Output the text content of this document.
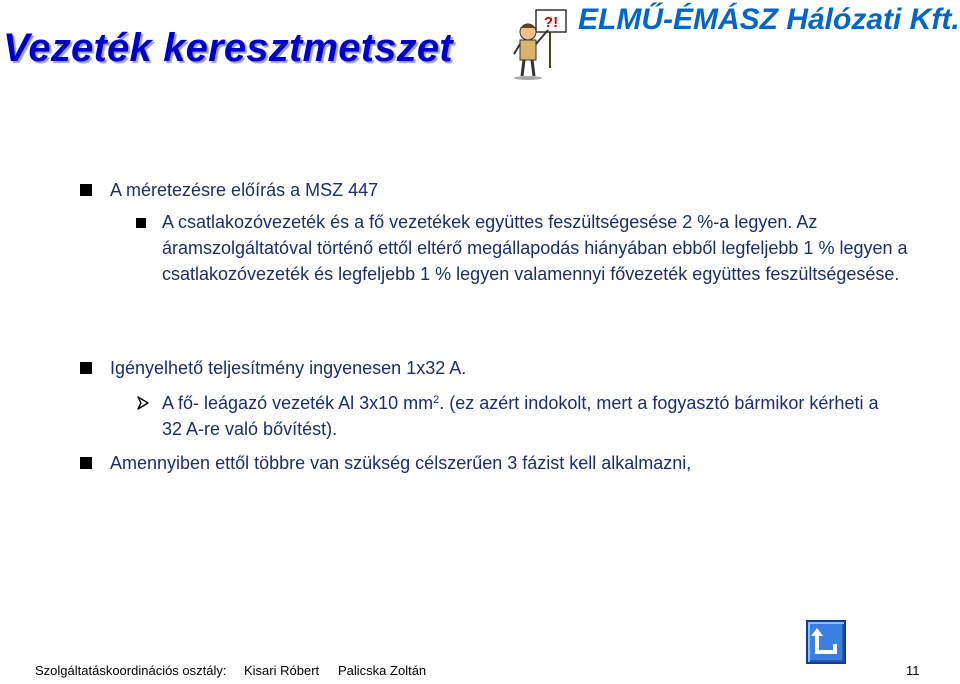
Vezeték keresztmetszet
?! ELMŰ-ÉMÁSZ Hálózati Kft.
A méretezésre előírás a MSZ 447
A csatlakozóvezeték és a fő vezetékek együttes feszültségesése 2 %-a legyen. Az áramszolgáltatóval történő ettől eltérő megállapodás hiányában ebből legfeljebb 1 % legyen a csatlakozóvezeték és legfeljebb 1 % legyen valamennyi fővezeték együttes feszültségesése.
Igényelhető teljesítmény ingyenesen 1x32 A.
A fő- leágazó vezeték Al 3x10 $mm^2$. (ez azért indokolt, mert a fogyasztó bármikor kérheti a 32 A-re való bővítést).
Amennyiben ettől többre van szükség célszerűen 3 fázist kell alkalmazni,
Szolgáltatáskoordinációs osztály: Kisari Róbert Palicska Zoltán	11
